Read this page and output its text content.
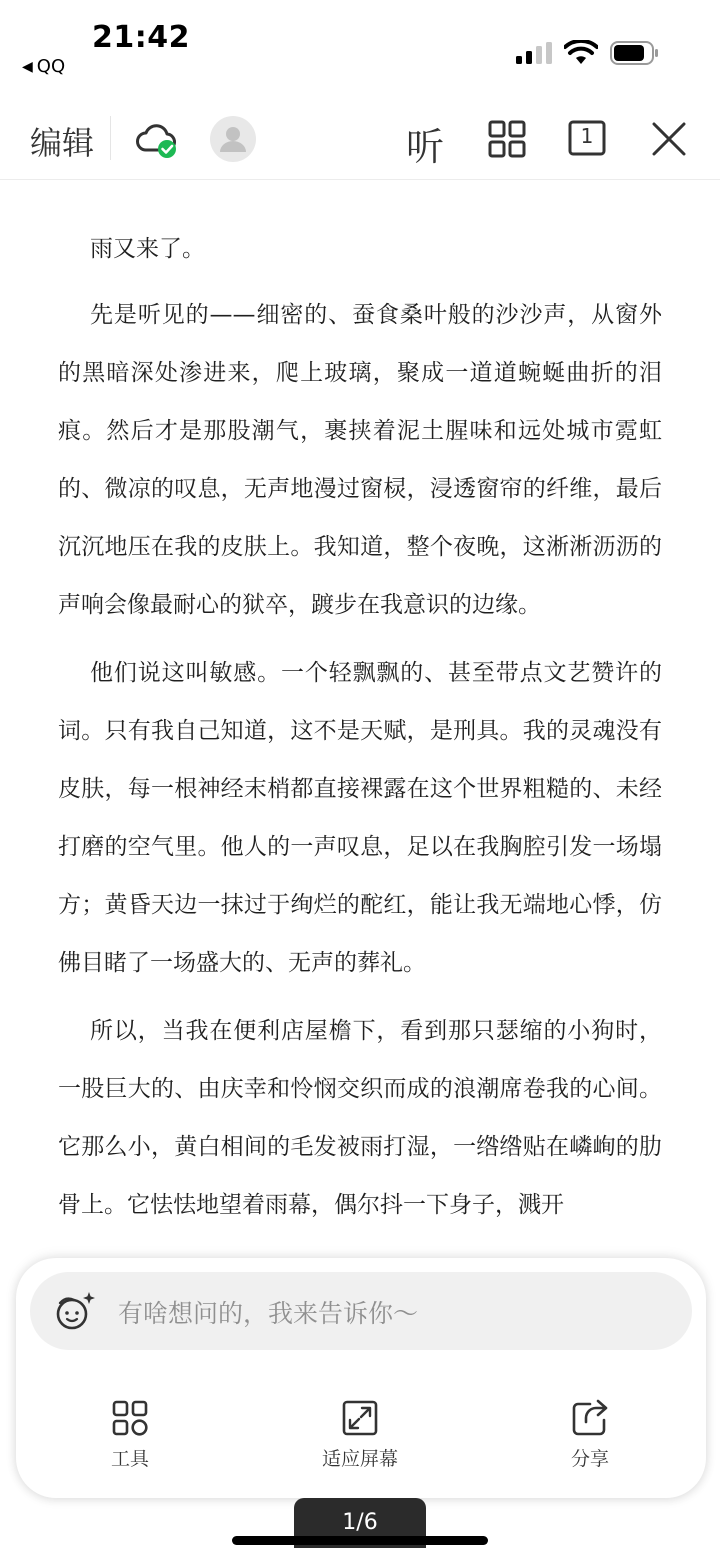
21:42
◀ QQ
编辑	听	1

雨又来了。

先是听见的——细密的、蚕食桑叶般的沙沙声，从窗外的黑暗深处渗进来，爬上玻璃，聚成一道道蜿蜒曲折的泪痕。然后才是那股潮气，裹挟着泥土腥味和远处城市霓虹的、微凉的叹息，无声地漫过窗棂，浸透窗帘的纤维，最后沉沉地压在我的皮肤上。我知道，整个夜晚，这淅淅沥沥的声响会像最耐心的狱卒，踱步在我意识的边缘。

他们说这叫敏感。一个轻飘飘的、甚至带点文艺赞许的词。只有我自己知道，这不是天赋，是刑具。我的灵魂没有皮肤，每一根神经末梢都直接裸露在这个世界粗糙的、未经打磨的空气里。他人的一声叹息，足以在我胸腔引发一场塌方；黄昏天边一抹过于绚烂的酡红，能让我无端地心悸，仿佛目睹了一场盛大的、无声的葬礼。

所以，当我在便利店屋檐下，看到那只瑟缩的小狗时，一股巨大的、由庆幸和怜悯交织而成的浪潮席卷我的心间。它那么小，黄白相间的毛发被雨打湿，一绺绺贴在嶙峋的肋骨上。它怯怯地望着雨幕，偶尔抖一下身子，溅开

有啥想问的，我来告诉你～
工具	适应屏幕	分享
1/6
